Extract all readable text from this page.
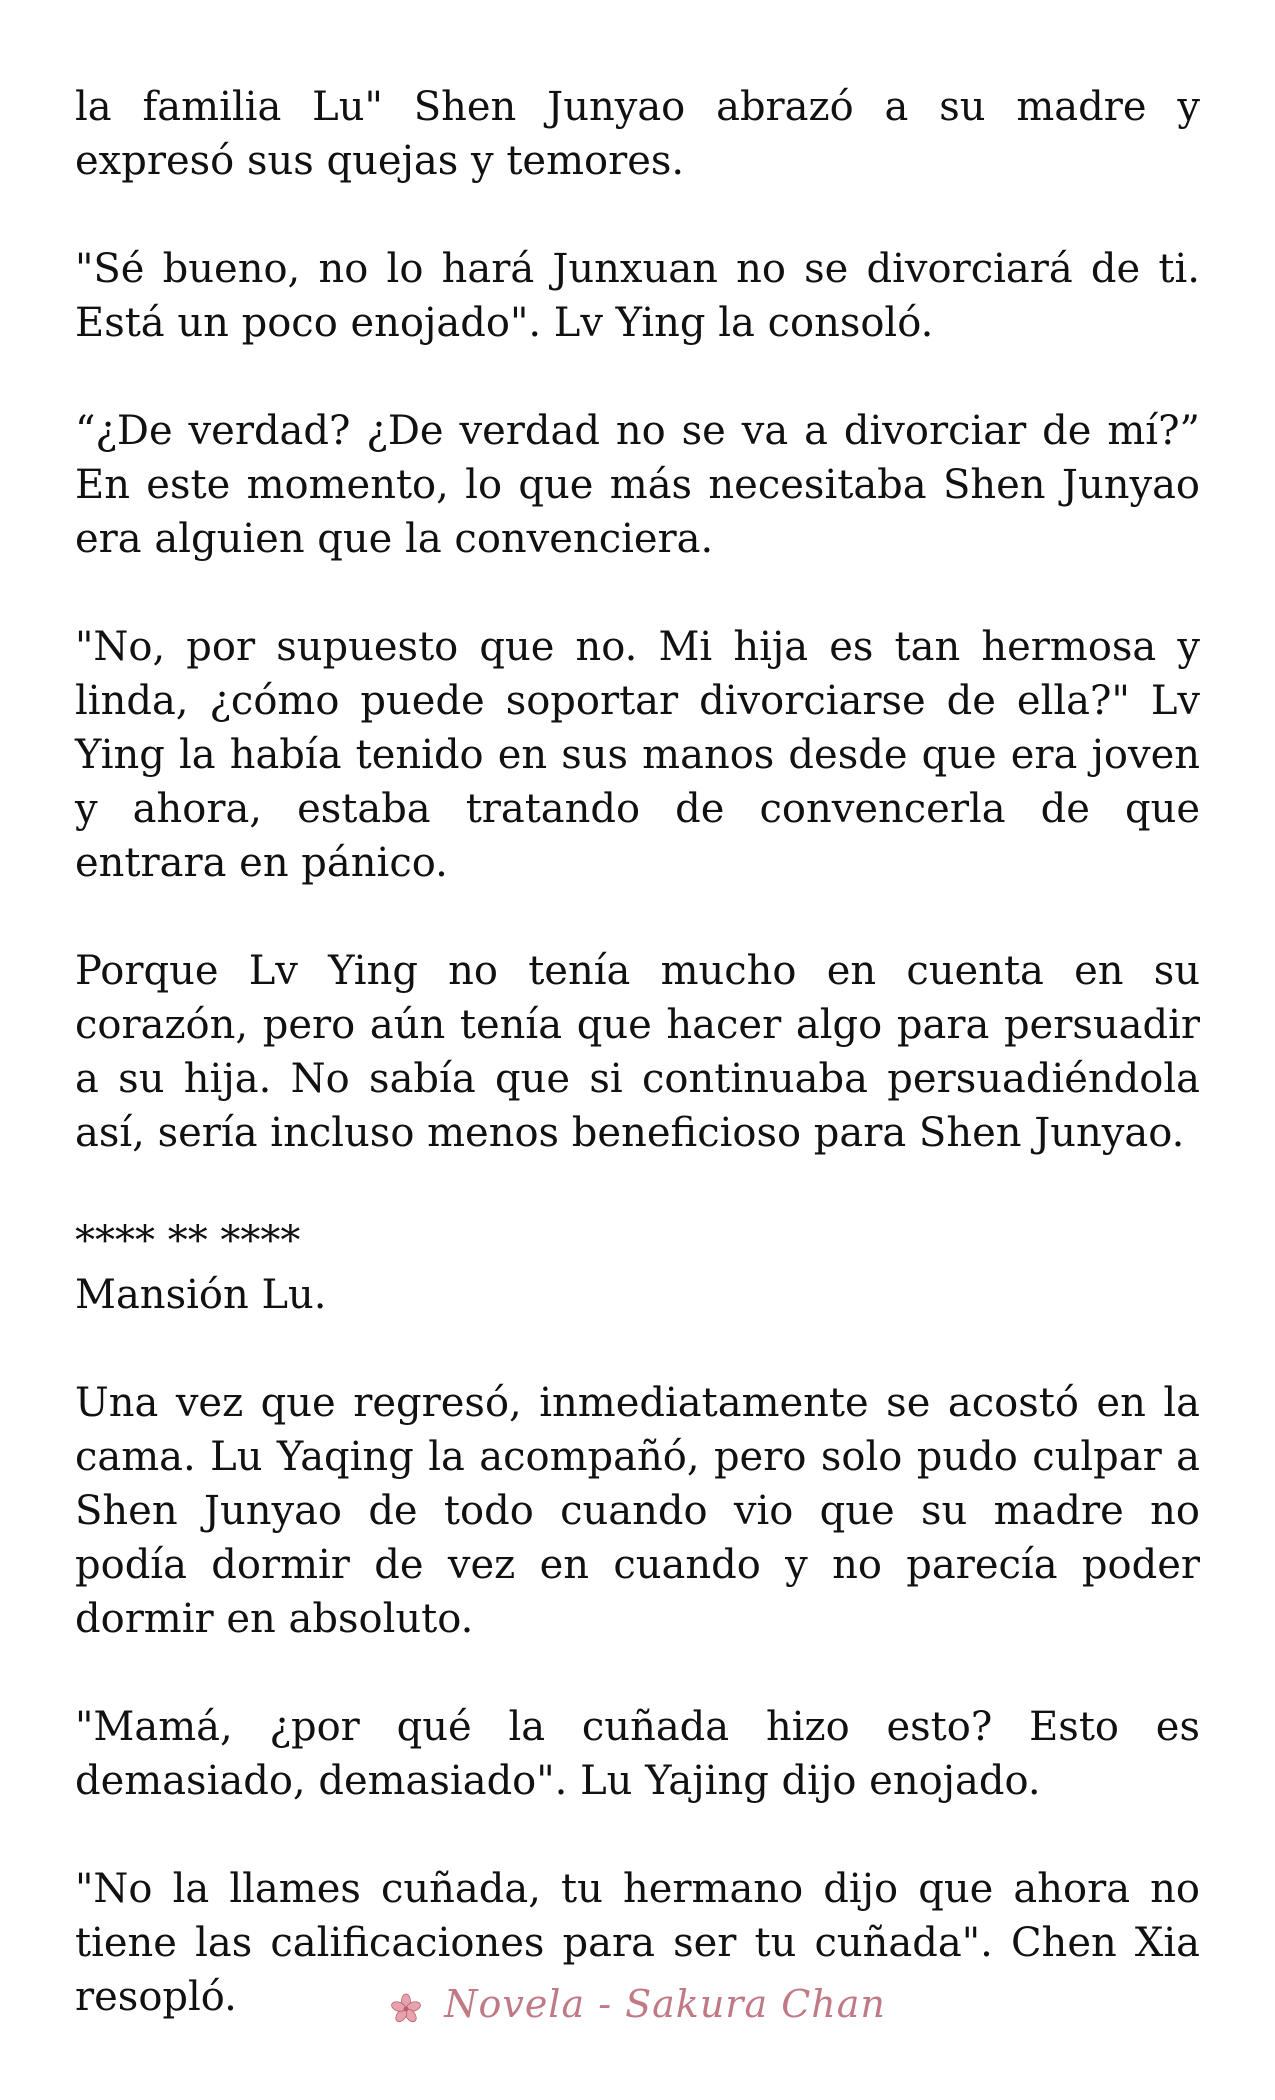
la familia Lu" Shen Junyao abrazó a su madre y expresó sus quejas y temores.

"Sé bueno, no lo hará Junxuan no se divorciará de ti. Está un poco enojado". Lv Ying la consoló.

“¿De verdad? ¿De verdad no se va a divorciar de mí?” En este momento, lo que más necesitaba Shen Junyao era alguien que la convenciera.

"No, por supuesto que no. Mi hija es tan hermosa y linda, ¿cómo puede soportar divorciarse de ella?" Lv Ying la había tenido en sus manos desde que era joven y ahora, estaba tratando de convencerla de que entrara en pánico.

Porque Lv Ying no tenía mucho en cuenta en su corazón, pero aún tenía que hacer algo para persuadir a su hija. No sabía que si continuaba persuadiéndola así, sería incluso menos beneficioso para Shen Junyao.

**** ** ****

Mansión Lu.

Una vez que regresó, inmediatamente se acostó en la cama. Lu Yaqing la acompañó, pero solo pudo culpar a Shen Junyao de todo cuando vio que su madre no podía dormir de vez en cuando y no parecía poder dormir en absoluto.

"Mamá, ¿por qué la cuñada hizo esto? Esto es demasiado, demasiado". Lu Yajing dijo enojado.

"No la llames cuñada, tu hermano dijo que ahora no tiene las calificaciones para ser tu cuñada". Chen Xia resopló.	Novela - Sakura Chan
